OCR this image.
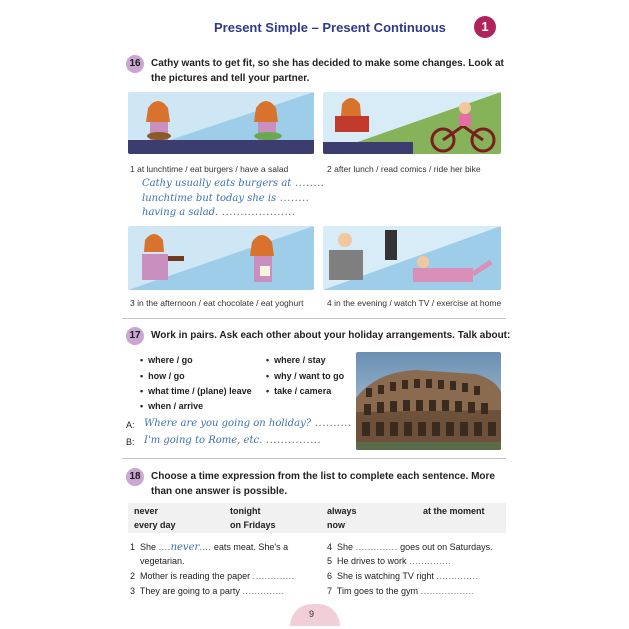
Present Simple – Present Continuous	1
16	Cathy wants to get fit, so she has decided to make some changes. Look at
the pictures and tell your partner.
1 at lunchtime / eat burgers / have a salad
Cathy usually eats burgers at ........
lunchtime but today she is ........
having a salad. ....................
2 after lunch / read comics / ride her bike
3 in the afternoon / eat chocolate / eat yoghurt	4 in the evening / watch TV / exercise at home
17	Work in pairs. Ask each other about your holiday arrangements. Talk about:
• where / go
• how / go
• what time / (plane) leave
• when / arrive
• where / stay
• why / want to go
• take / camera
A: Where are you going on holiday? ..........
B: I'm going to Rome, etc. ...............
18	Choose a time expression from the list to complete each sentence. More
than one answer is possible.
never	tonight	always	at the moment
every day	on Fridays	now
1 She ....never.... eats meat. She's a
vegetarian.
2 Mother is reading the paper ..............
3 They are going to a party ..............
4 She .............. goes out on Saturdays.
5 He drives to work ..............
6 She is watching TV right ..............
7 Tim goes to the gym ..................
9
